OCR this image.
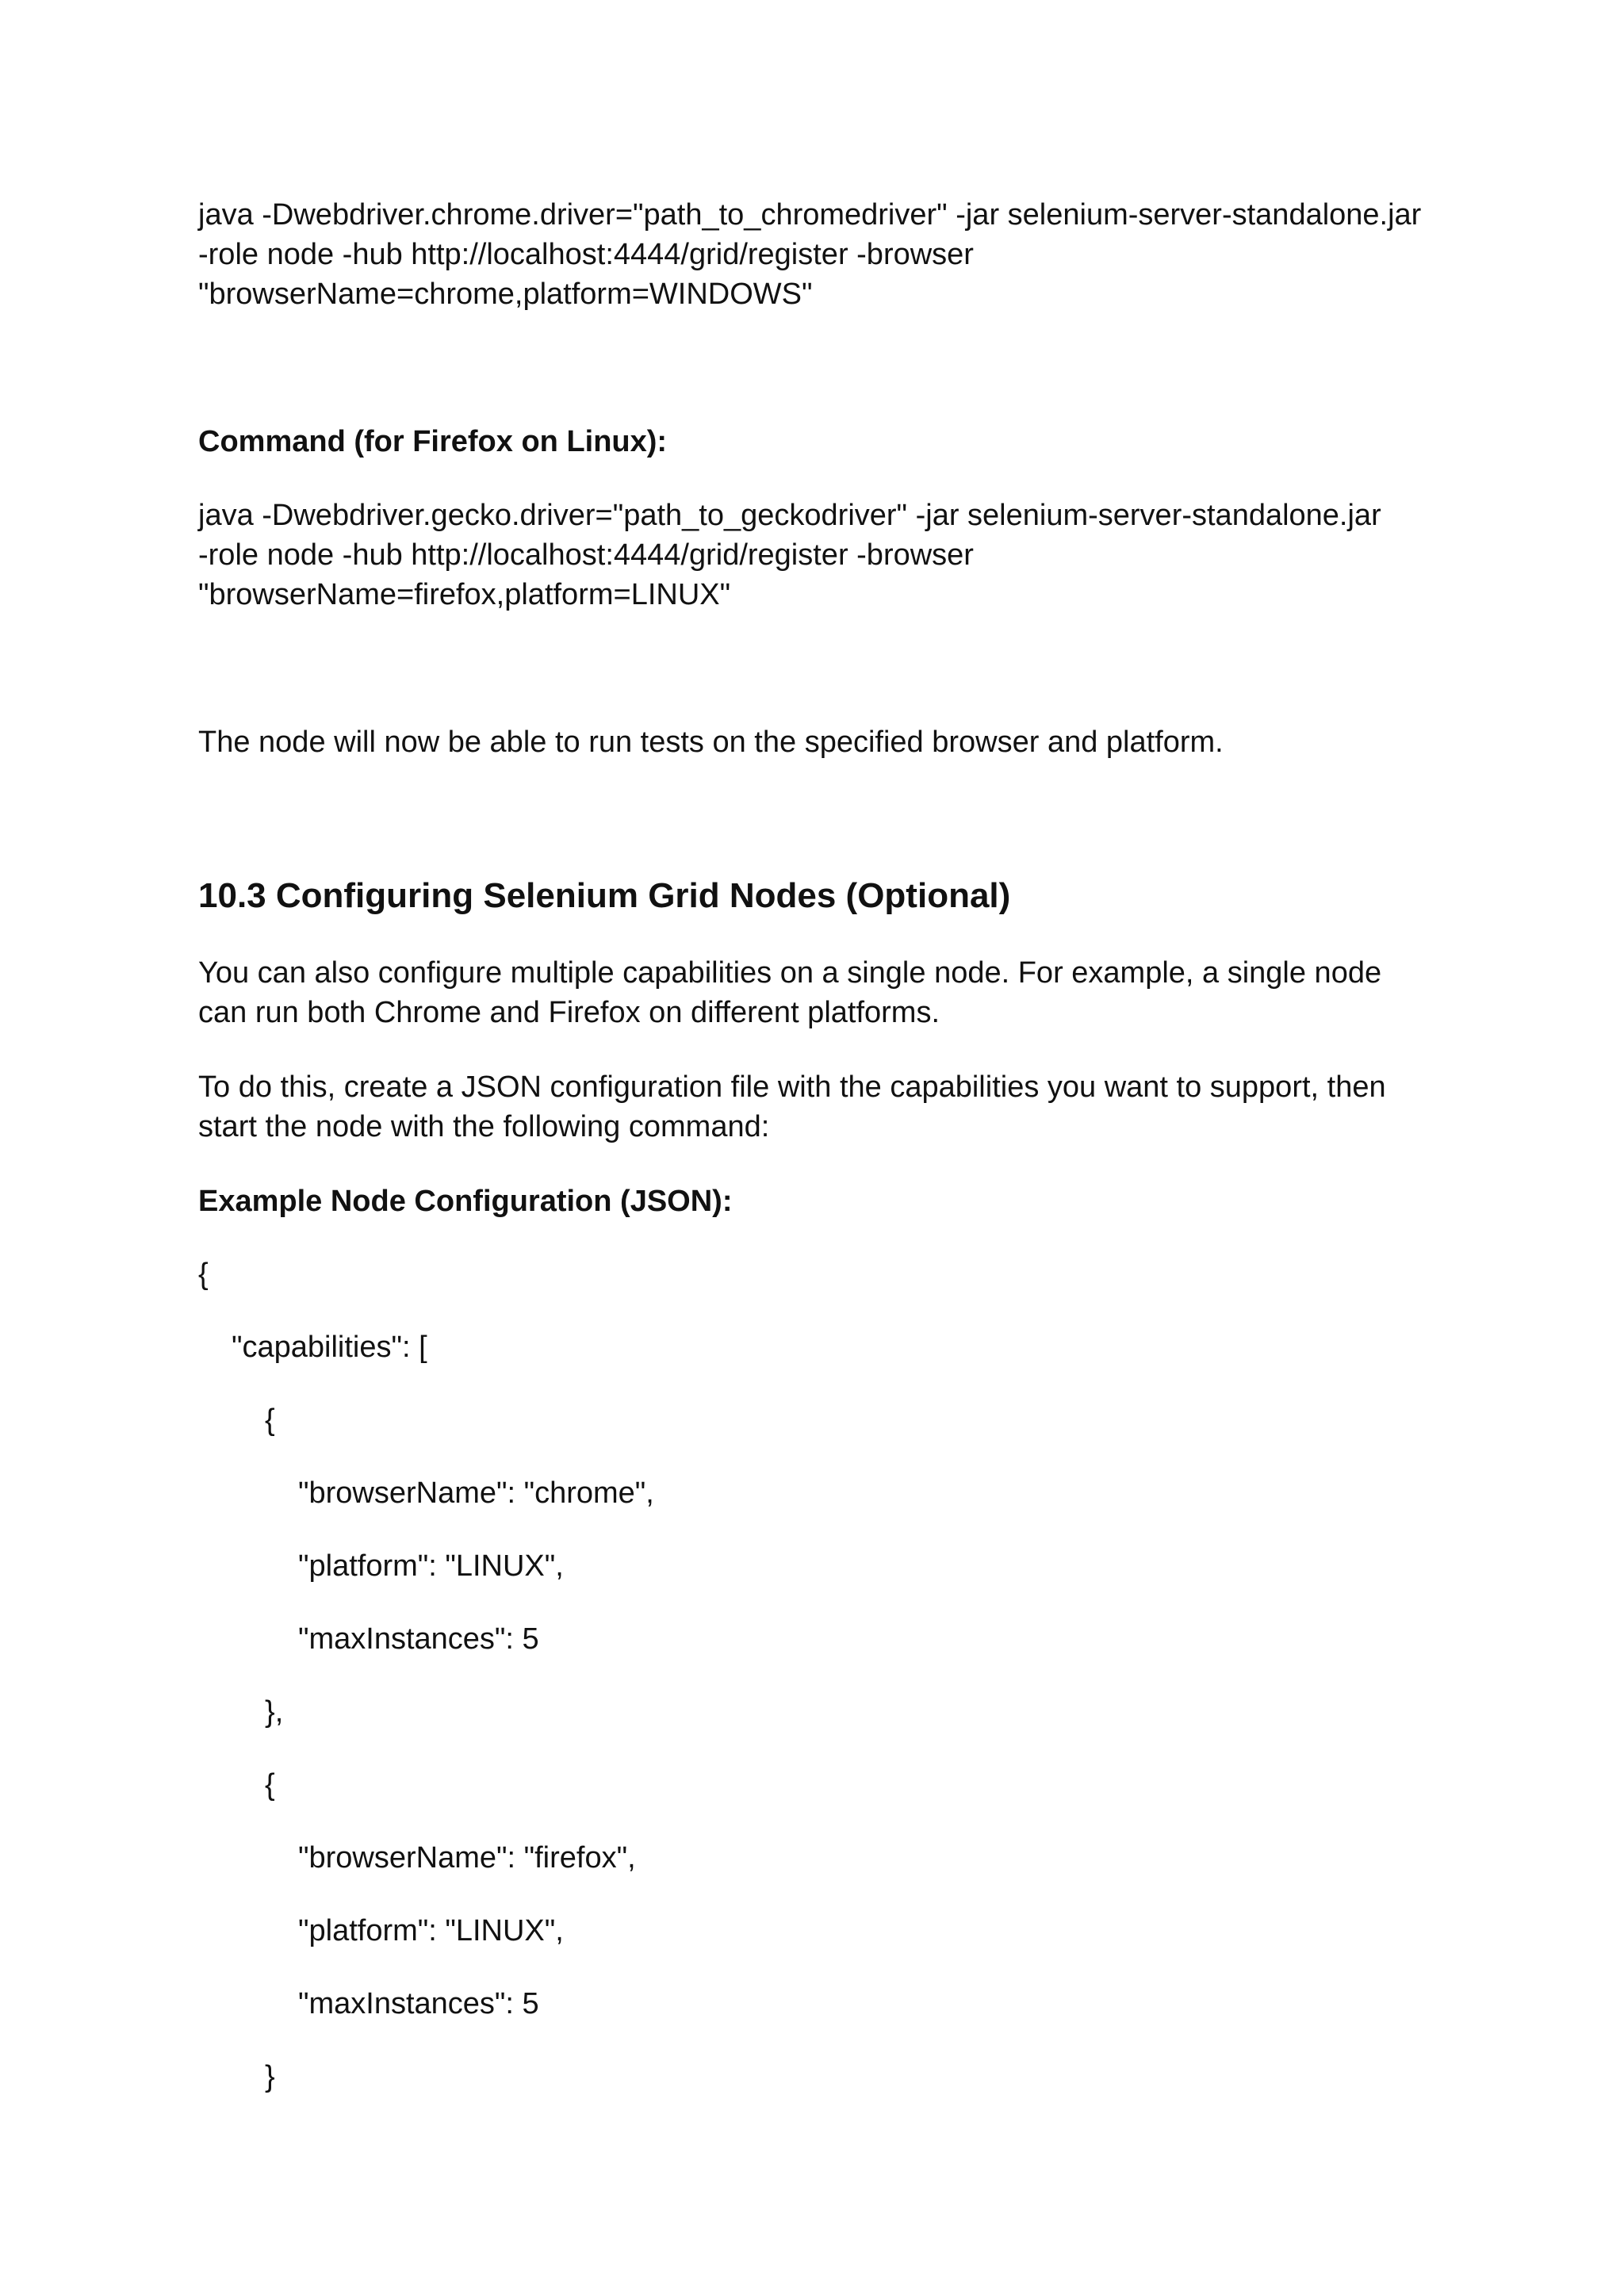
java -Dwebdriver.chrome.driver="path_to_chromedriver" -jar selenium-server-standalone.jar
-role node -hub http://localhost:4444/grid/register -browser
"browserName=chrome,platform=WINDOWS"

Command (for Firefox on Linux):

java -Dwebdriver.gecko.driver="path_to_geckodriver" -jar selenium-server-standalone.jar
-role node -hub http://localhost:4444/grid/register -browser
"browserName=firefox,platform=LINUX"

The node will now be able to run tests on the specified browser and platform.

10.3 Configuring Selenium Grid Nodes (Optional)

You can also configure multiple capabilities on a single node. For example, a single node
can run both Chrome and Firefox on different platforms.

To do this, create a JSON configuration file with the capabilities you want to support, then
start the node with the following command:

Example Node Configuration (JSON):

{

"capabilities": [

{

"browserName": "chrome",

"platform": "LINUX",

"maxInstances": 5

},

{

"browserName": "firefox",

"platform": "LINUX",

"maxInstances": 5

}
